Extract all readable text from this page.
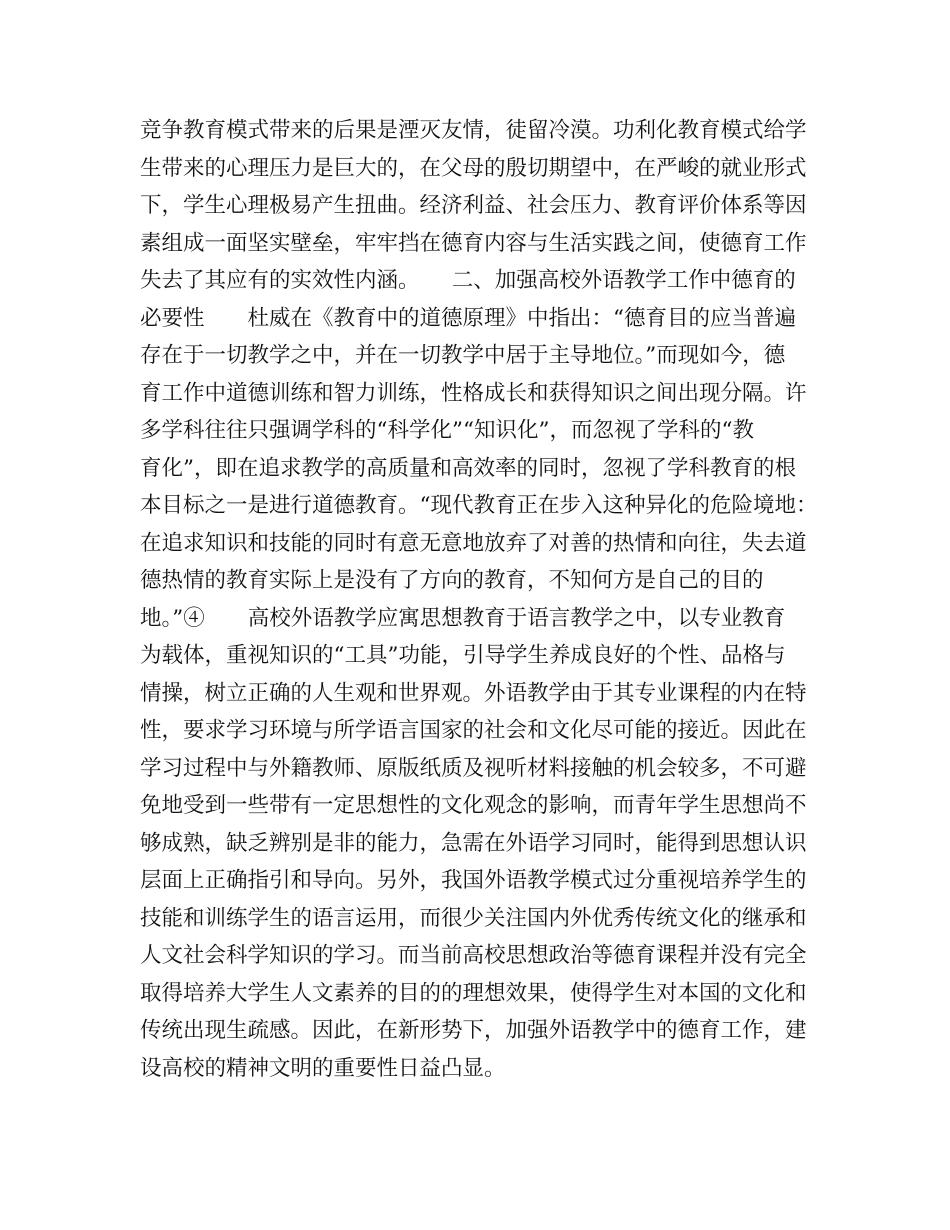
竞争教育模式带来的后果是湮灭友情，徒留冷漠。功利化教育模式给学
生带来的心理压力是巨大的，在父母的殷切期望中，在严峻的就业形式
下，学生心理极易产生扭曲。经济利益、社会压力、教育评价体系等因
素组成一面坚实壁垒，牢牢挡在德育内容与生活实践之间，使德育工作
失去了其应有的实效性内涵。　　二、加强高校外语教学工作中德育的
必要性　　杜威在《教育中的道德原理》中指出：“德育目的应当普遍
存在于一切教学之中，并在一切教学中居于主导地位。”而现如今，德
育工作中道德训练和智力训练，性格成长和获得知识之间出现分隔。许
多学科往往只强调学科的“科学化”“知识化”，而忽视了学科的“教
育化”，即在追求教学的高质量和高效率的同时，忽视了学科教育的根
本目标之一是进行道德教育。“现代教育正在步入这种异化的危险境地：
在追求知识和技能的同时有意无意地放弃了对善的热情和向往，失去道
德热情的教育实际上是没有了方向的教育，不知何方是自己的目的
地。”④　　高校外语教学应寓思想教育于语言教学之中，以专业教育
为载体，重视知识的“工具”功能，引导学生养成良好的个性、品格与
情操，树立正确的人生观和世界观。外语教学由于其专业课程的内在特
性，要求学习环境与所学语言国家的社会和文化尽可能的接近。因此在
学习过程中与外籍教师、原版纸质及视听材料接触的机会较多，不可避
免地受到一些带有一定思想性的文化观念的影响，而青年学生思想尚不
够成熟，缺乏辨别是非的能力，急需在外语学习同时，能得到思想认识
层面上正确指引和导向。另外，我国外语教学模式过分重视培养学生的
技能和训练学生的语言运用，而很少关注国内外优秀传统文化的继承和
人文社会科学知识的学习。而当前高校思想政治等德育课程并没有完全
取得培养大学生人文素养的目的的理想效果，使得学生对本国的文化和
传统出现生疏感。因此，在新形势下，加强外语教学中的德育工作，建
设高校的精神文明的重要性日益凸显。
